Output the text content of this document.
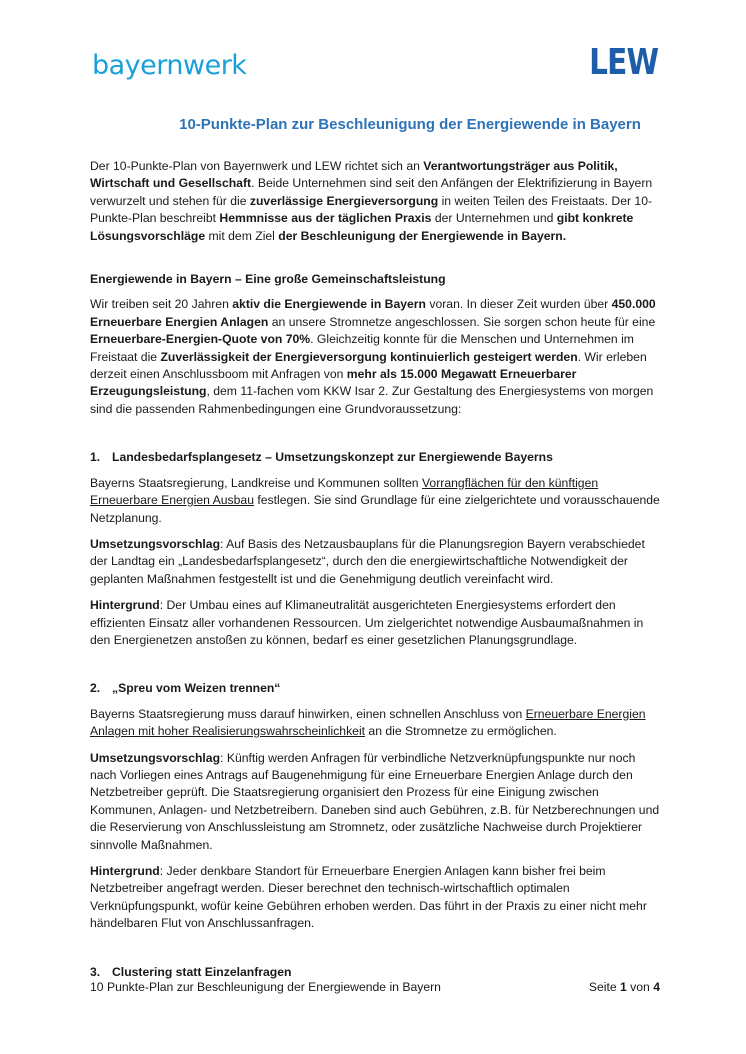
bayernwerk	LEW
10-Punkte-Plan zur Beschleunigung der Energiewende in Bayern

Der 10-Punkte-Plan von Bayernwerk und LEW richtet sich an Verantwortungsträger aus Politik, Wirtschaft und Gesellschaft. Beide Unternehmen sind seit den Anfängen der Elektrifizierung in Bayern verwurzelt und stehen für die zuverlässige Energieversorgung in weiten Teilen des Freistaats. Der 10-Punkte-Plan beschreibt Hemmnisse aus der täglichen Praxis der Unternehmen und gibt konkrete Lösungsvorschläge mit dem Ziel der Beschleunigung der Energiewende in Bayern.

Energiewende in Bayern – Eine große Gemeinschaftsleistung

Wir treiben seit 20 Jahren aktiv die Energiewende in Bayern voran. In dieser Zeit wurden über 450.000 Erneuerbare Energien Anlagen an unsere Stromnetze angeschlossen. Sie sorgen schon heute für eine Erneuerbare-Energien-Quote von 70%. Gleichzeitig konnte für die Menschen und Unternehmen im Freistaat die Zuverlässigkeit der Energieversorgung kontinuierlich gesteigert werden. Wir erleben derzeit einen Anschlussboom mit Anfragen von mehr als 15.000 Megawatt Erneuerbarer Erzeugungsleistung, dem 11-fachen vom KKW Isar 2. Zur Gestaltung des Energiesystems von morgen sind die passenden Rahmenbedingungen eine Grundvoraussetzung:

1. Landesbedarfsplangesetz – Umsetzungskonzept zur Energiewende Bayerns

Bayerns Staatsregierung, Landkreise und Kommunen sollten Vorrangflächen für den künftigen Erneuerbare Energien Ausbau festlegen. Sie sind Grundlage für eine zielgerichtete und vorausschauende Netzplanung.

Umsetzungsvorschlag: Auf Basis des Netzausbauplans für die Planungsregion Bayern verabschiedet der Landtag ein „Landesbedarfsplangesetz“, durch den die energiewirtschaftliche Notwendigkeit der geplanten Maßnahmen festgestellt ist und die Genehmigung deutlich vereinfacht wird.

Hintergrund: Der Umbau eines auf Klimaneutralität ausgerichteten Energiesystems erfordert den effizienten Einsatz aller vorhandenen Ressourcen. Um zielgerichtet notwendige Ausbaumaßnahmen in den Energienetzen anstoßen zu können, bedarf es einer gesetzlichen Planungsgrundlage.

2. „Spreu vom Weizen trennen“

Bayerns Staatsregierung muss darauf hinwirken, einen schnellen Anschluss von Erneuerbare Energien Anlagen mit hoher Realisierungswahrscheinlichkeit an die Stromnetze zu ermöglichen.

Umsetzungsvorschlag: Künftig werden Anfragen für verbindliche Netzverknüpfungspunkte nur noch nach Vorliegen eines Antrags auf Baugenehmigung für eine Erneuerbare Energien Anlage durch den Netzbetreiber geprüft. Die Staatsregierung organisiert den Prozess für eine Einigung zwischen Kommunen, Anlagen- und Netzbetreibern. Daneben sind auch Gebühren, z.B. für Netzberechnungen und die Reservierung von Anschlussleistung am Stromnetz, oder zusätzliche Nachweise durch Projektierer sinnvolle Maßnahmen.

Hintergrund: Jeder denkbare Standort für Erneuerbare Energien Anlagen kann bisher frei beim Netzbetreiber angefragt werden. Dieser berechnet den technisch-wirtschaftlich optimalen Verknüpfungspunkt, wofür keine Gebühren erhoben werden. Das führt in der Praxis zu einer nicht mehr händelbaren Flut von Anschlussanfragen.

3. Clustering statt Einzelanfragen
10 Punkte-Plan zur Beschleunigung der Energiewende in Bayern	Seite 1 von 4
